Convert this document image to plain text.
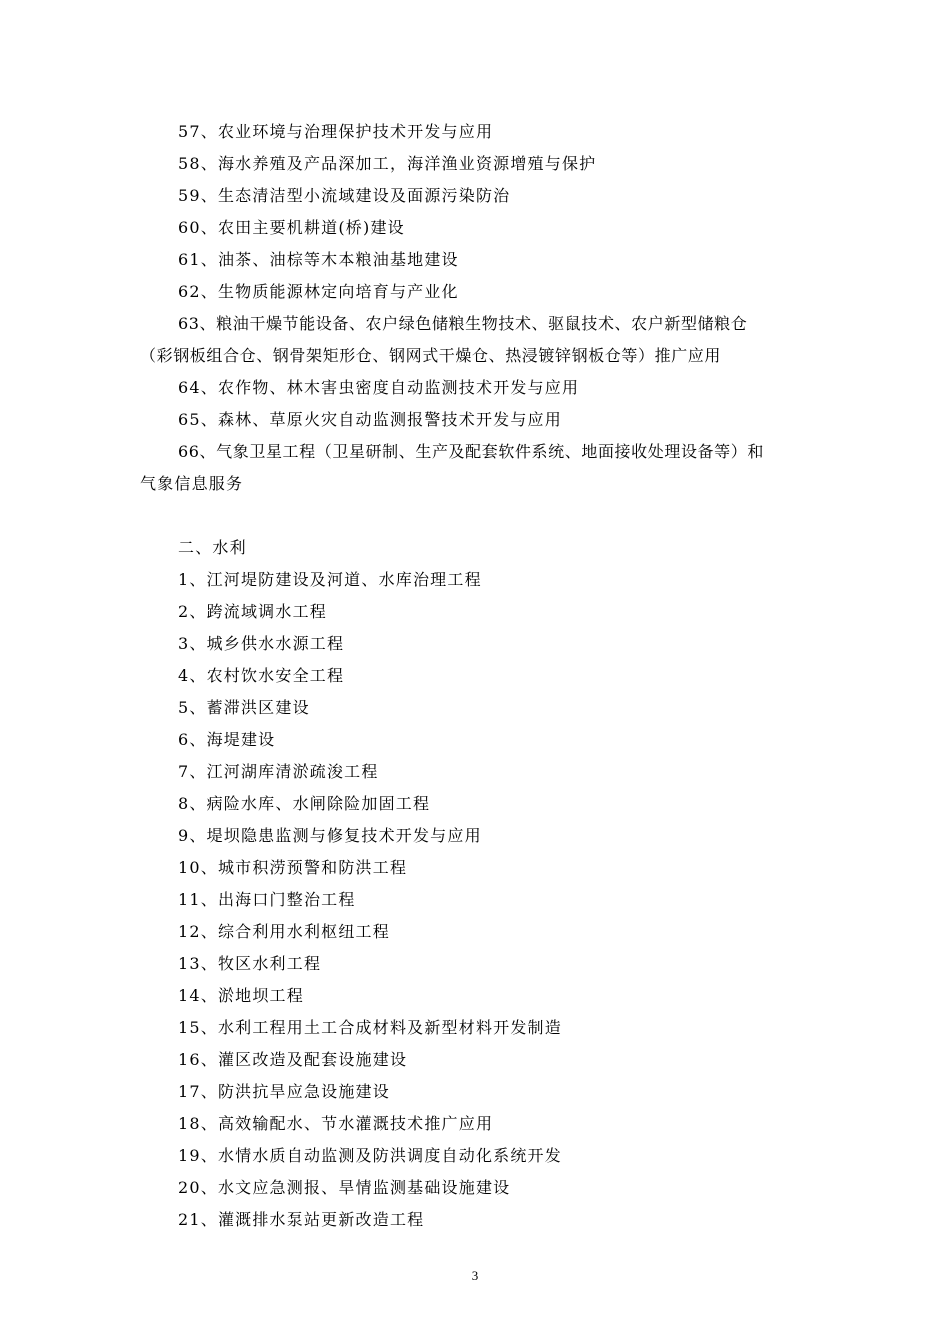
57、农业环境与治理保护技术开发与应用
58、海水养殖及产品深加工，海洋渔业资源增殖与保护
59、生态清洁型小流域建设及面源污染防治
60、农田主要机耕道(桥)建设
61、油茶、油棕等木本粮油基地建设
62、生物质能源林定向培育与产业化
63、粮油干燥节能设备、农户绿色储粮生物技术、驱鼠技术、农户新型储粮仓
（彩钢板组合仓、钢骨架矩形仓、钢网式干燥仓、热浸镀锌钢板仓等）推广应用
64、农作物、林木害虫密度自动监测技术开发与应用
65、森林、草原火灾自动监测报警技术开发与应用
66、气象卫星工程（卫星研制、生产及配套软件系统、地面接收处理设备等）和
气象信息服务
二、水利
1、江河堤防建设及河道、水库治理工程
2、跨流域调水工程
3、城乡供水水源工程
4、农村饮水安全工程
5、蓄滞洪区建设
6、海堤建设
7、江河湖库清淤疏浚工程
8、病险水库、水闸除险加固工程
9、堤坝隐患监测与修复技术开发与应用
10、城市积涝预警和防洪工程
11、出海口门整治工程
12、综合利用水利枢纽工程
13、牧区水利工程
14、淤地坝工程
15、水利工程用土工合成材料及新型材料开发制造
16、灌区改造及配套设施建设
17、防洪抗旱应急设施建设
18、高效输配水、节水灌溉技术推广应用
19、水情水质自动监测及防洪调度自动化系统开发
20、水文应急测报、旱情监测基础设施建设
21、灌溉排水泵站更新改造工程
3
